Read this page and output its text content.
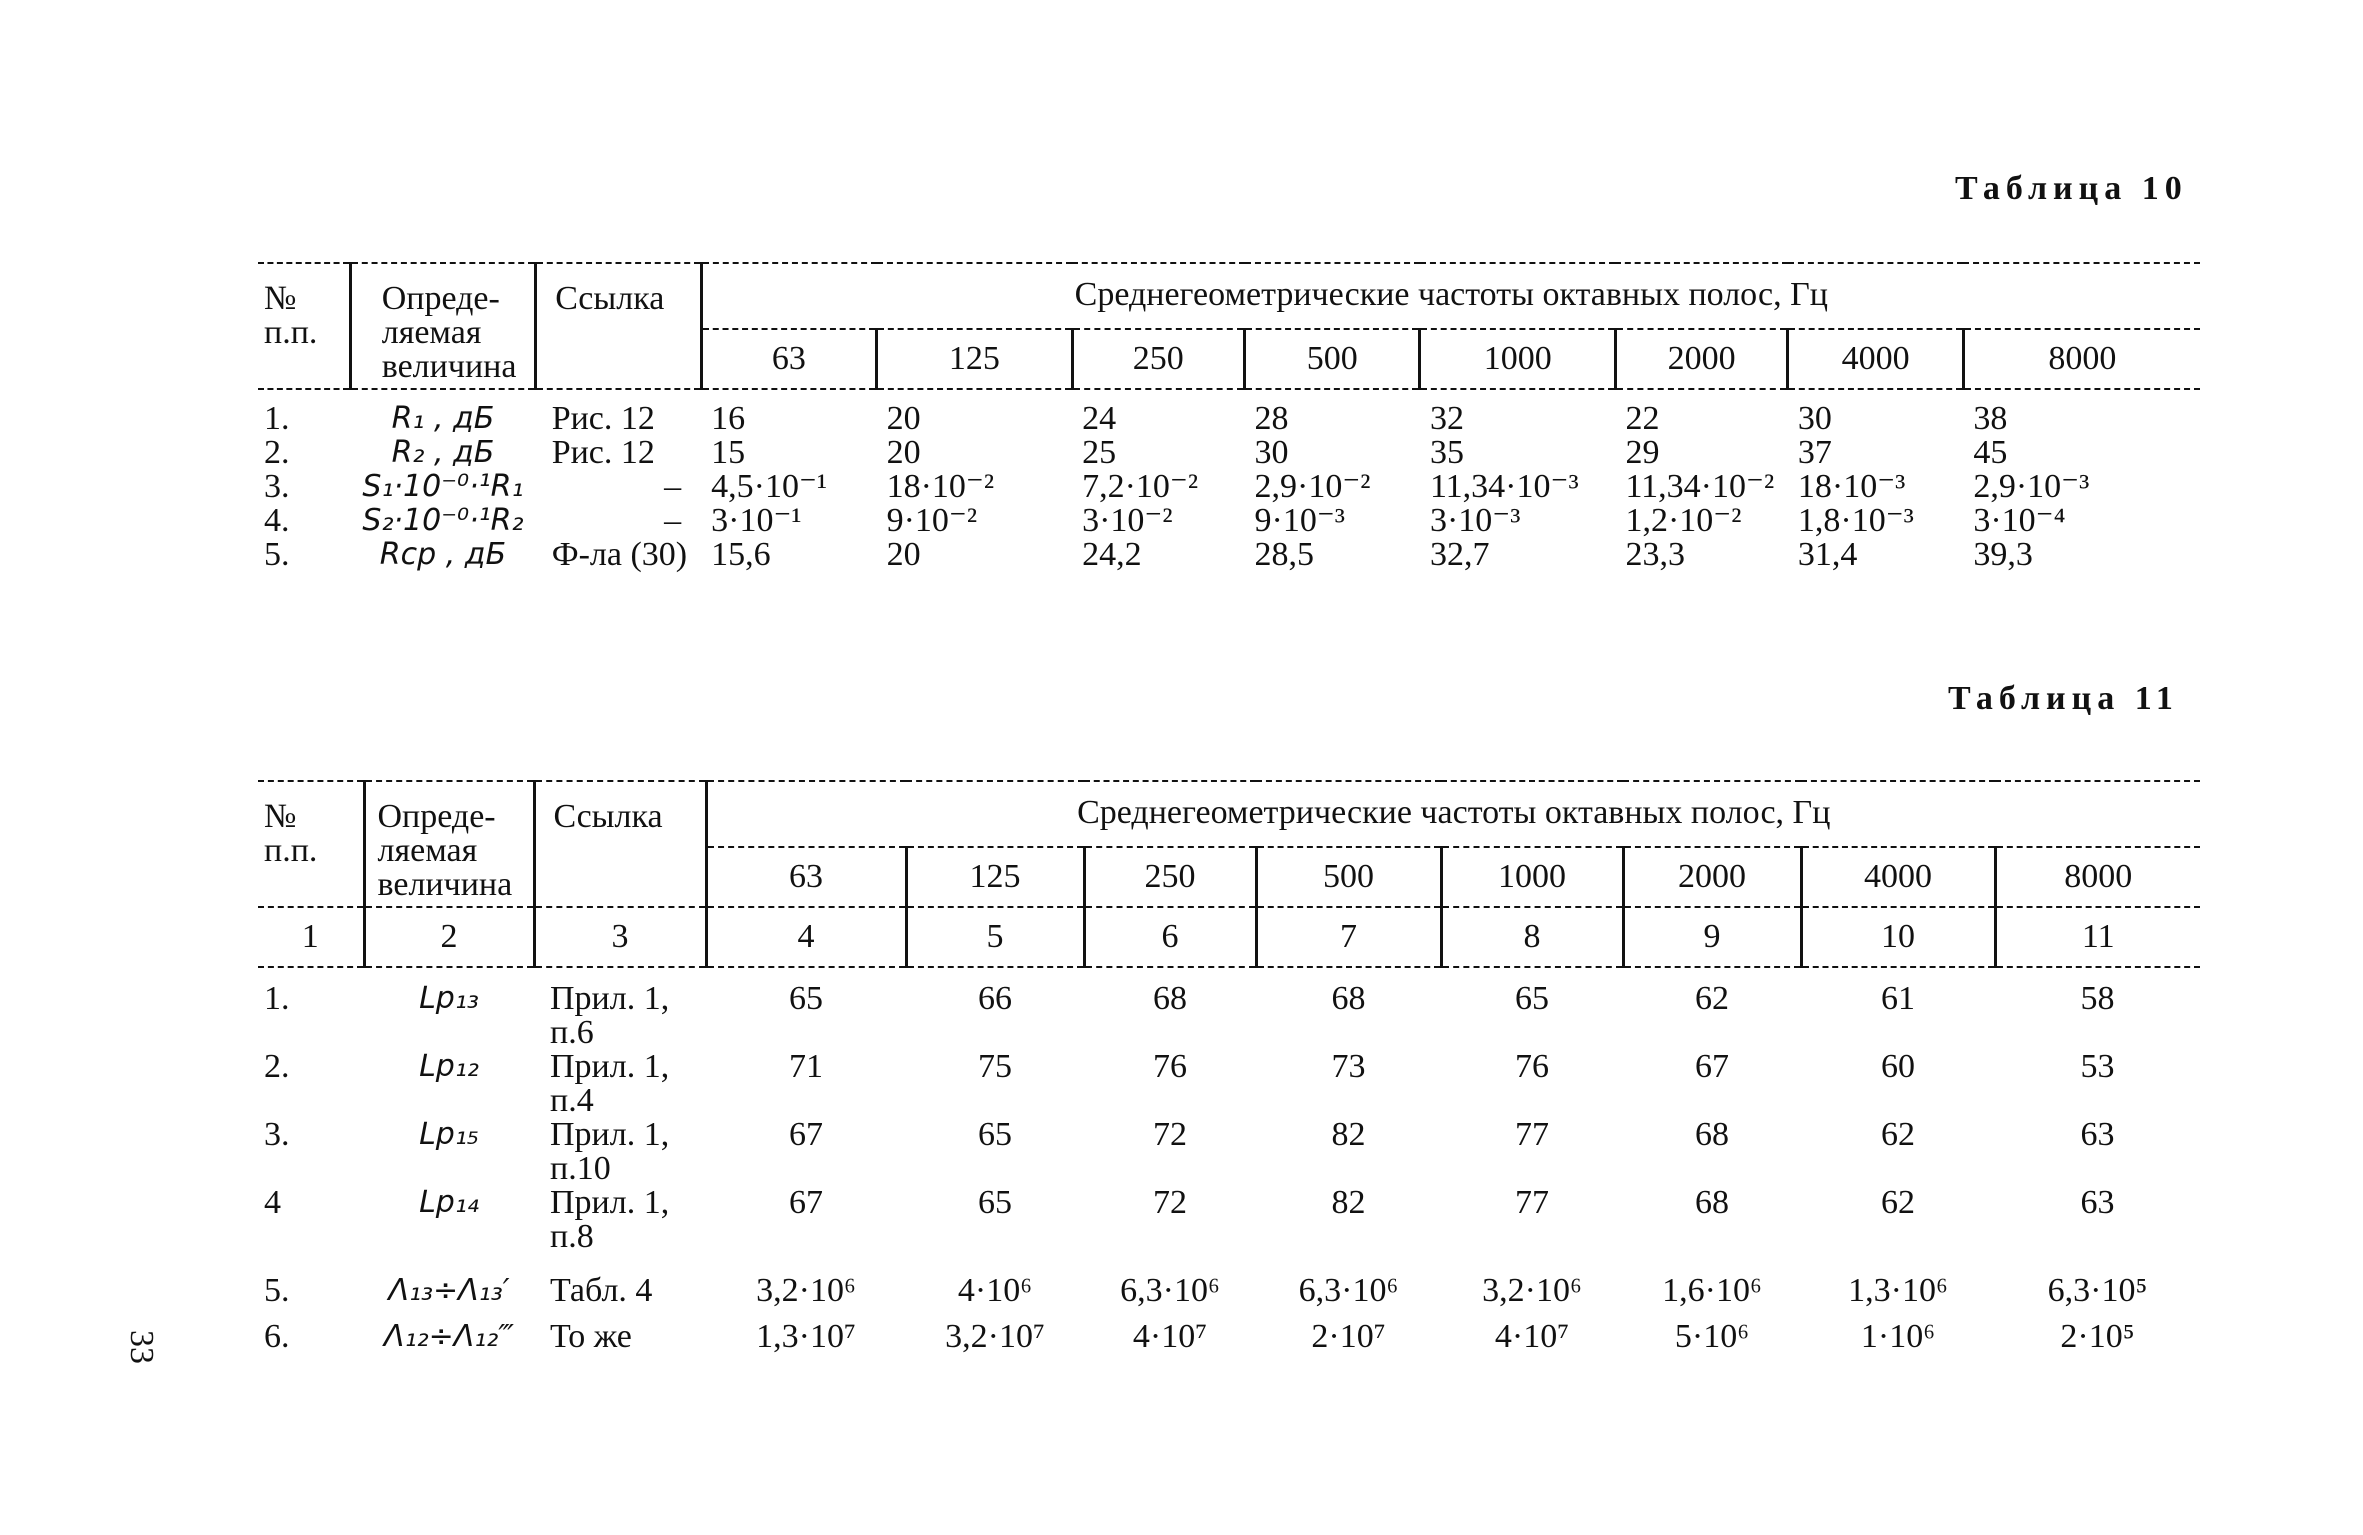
33
Таблица 10
№ п.п.	Опреде-
ляемая
величина	Ссылка	Среднегеометрические частоты октавных полос, Гц							
			63	125	250	500	1000	2000	4000	8000

1.	R₁ , дБ	Рис. 12	16	20	24	28	32	22	30	38
2.	R₂ , дБ	Рис. 12	15	20	25	30	35	29	37	45
3.	S₁·10⁻⁰·¹R₁	–	4,5·10⁻¹	18·10⁻²	7,2·10⁻²	2,9·10⁻²	11,34·10⁻³	11,34·10⁻²	18·10⁻³	2,9·10⁻³
4.	S₂·10⁻⁰·¹R₂	–	3·10⁻¹	9·10⁻²	3·10⁻²	9·10⁻³	3·10⁻³	1,2·10⁻²	1,8·10⁻³	3·10⁻⁴
5.	Rср , дБ	Ф-ла (30)	15,6	20	24,2	28,5	32,7	23,3	31,4	39,3
Таблица 11
№ п.п.	Опреде-
ляемая
величина	Ссылка	Среднегеометрические частоты октавных полос, Гц							
			63	125	250	500	1000	2000	4000	8000
1	2	3	4	5	6	7	8	9	10	11

1.	Lp₁₃	Прил. 1, п.6	65	66	68	68	65	62	61	58
2.	Lp₁₂	Прил. 1, п.4	71	75	76	73	76	67	60	53
3.	Lp₁₅	Прил. 1, п.10	67	65	72	82	77	68	62	63
4	Lp₁₄	Прил. 1, п.8	67	65	72	82	77	68	62	63
5.	Λ₁₃÷Λ₁₃′	Табл. 4	3,2·10⁶	4·10⁶	6,3·10⁶	6,3·10⁶	3,2·10⁶	1,6·10⁶	1,3·10⁶	6,3·10⁵
6.	Λ₁₂÷Λ₁₂‴	То же	1,3·10⁷	3,2·10⁷	4·10⁷	2·10⁷	4·10⁷	5·10⁶	1·10⁶	2·10⁵
